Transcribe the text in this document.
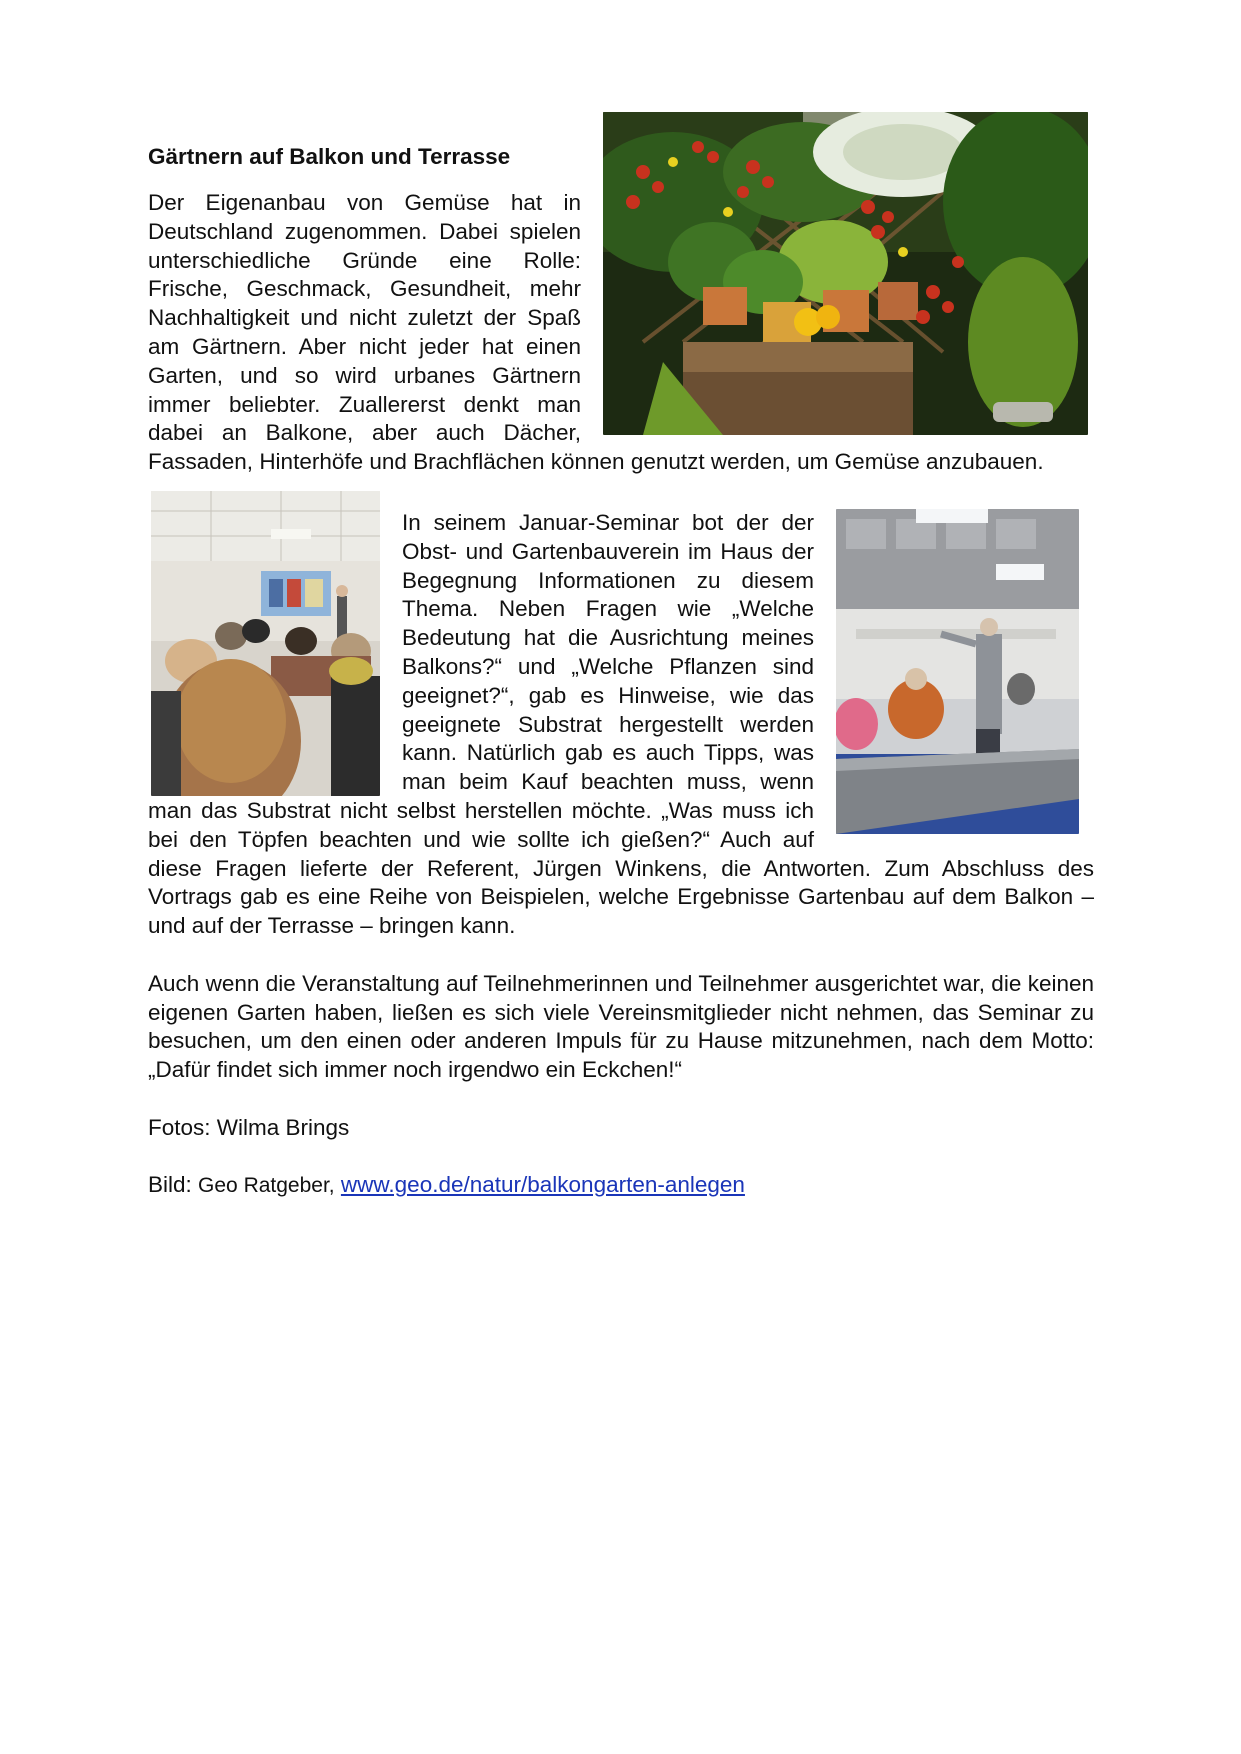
Gärtnern auf Balkon und Terrasse

Der Eigenanbau von Gemüse hat in Deutschland zugenommen. Dabei spielen unterschiedliche Gründe eine Rolle: Frische, Geschmack, Gesundheit, mehr Nachhaltigkeit und nicht zuletzt der Spaß am Gärtnern. Aber nicht jeder hat einen Garten, und so wird urbanes Gärtnern immer beliebter. Zuallererst denkt man dabei an Balkone, aber auch Dächer, Fassaden, Hinterhöfe und Brachflächen können genutzt werden, um Gemüse anzubauen.

In seinem Januar-Seminar bot der der Obst- und Gartenbauverein im Haus der Begegnung Informationen zu diesem Thema. Neben Fragen wie „Welche Bedeutung hat die Ausrichtung meines Balkons?“ und „Welche Pflanzen sind geeignet?“, gab es Hinweise, wie das geeignete Substrat hergestellt werden kann. Natürlich gab es auch Tipps, was man beim Kauf beachten muss, wenn man das Substrat nicht selbst herstellen möchte. „Was muss ich bei den Töpfen beachten und wie sollte ich gießen?“ Auch auf diese Fragen lieferte der Referent, Jürgen Winkens, die Antworten. Zum Abschluss des Vortrags gab es eine Reihe von Beispielen, welche Ergebnisse Gartenbau auf dem Balkon – und auf der Terrasse – bringen kann.

Auch wenn die Veranstaltung auf Teilnehmerinnen und Teilnehmer ausgerichtet war, die keinen eigenen Garten haben, ließen es sich viele Vereinsmitglieder nicht nehmen, das Seminar zu besuchen, um den einen oder anderen Impuls für zu Hause mitzunehmen, nach dem Motto: „Dafür findet sich immer noch irgendwo ein Eckchen!“

Fotos: Wilma Brings

Bild: Geo Ratgeber, www.geo.de/natur/balkongarten-anlegen
